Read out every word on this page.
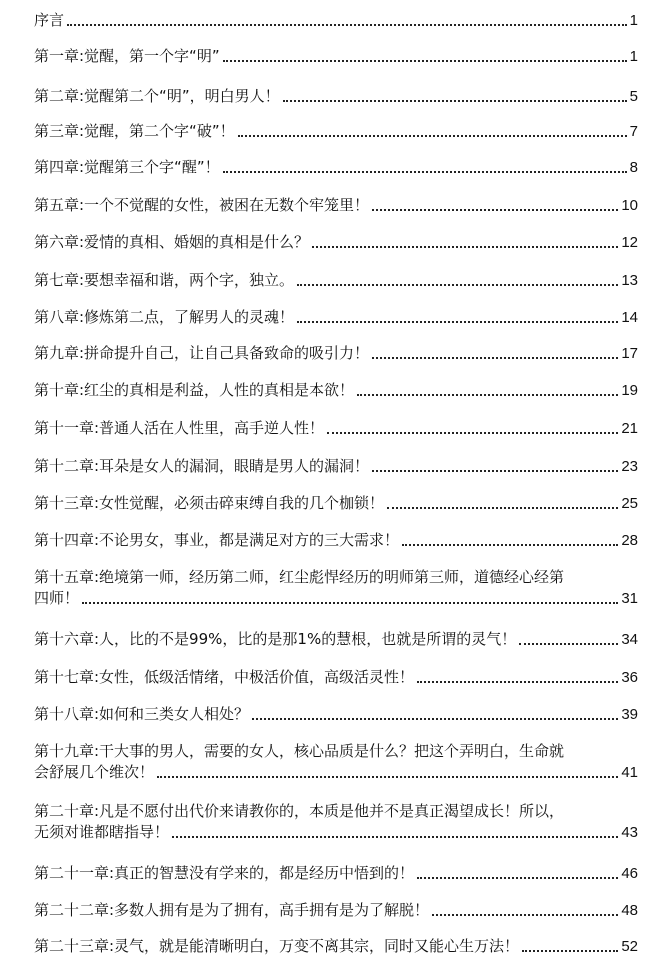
序言	1
第一章:觉醒，第一个字“明”	1
第二章:觉醒第二个“明”，明白男人！	5
第三章:觉醒，第二个字“破”！	7
第四章:觉醒第三个字“醒”！	8
第五章:一个不觉醒的女性，被困在无数个牢笼里！	10
第六章:爱情的真相、婚姻的真相是什么？	12
第七章:要想幸福和谐，两个字，独立。	13
第八章:修炼第二点，了解男人的灵魂！	14
第九章:拼命提升自己，让自己具备致命的吸引力！	17
第十章:红尘的真相是利益，人性的真相是本欲！	19
第十一章:普通人活在人性里，高手逆人性！	21
第十二章:耳朵是女人的漏洞，眼睛是男人的漏洞！	23
第十三章:女性觉醒，必须击碎束缚自我的几个枷锁！	25
第十四章:不论男女，事业，都是满足对方的三大需求！	28
第十五章:绝境第一师，经历第二师，红尘彪悍经历的明师第三师，道德经心经第
四师！	31
第十六章:人，比的不是99%，比的是那1%的慧根，也就是所谓的灵气！	34
第十七章:女性，低级活情绪，中极活价值，高级活灵性！	36
第十八章:如何和三类女人相处？	39
第十九章:干大事的男人，需要的女人，核心品质是什么？把这个弄明白，生命就
会舒展几个维次！	41
第二十章:凡是不愿付出代价来请教你的，本质是他并不是真正渴望成长！所以，
无须对谁都瞎指导！	43
第二十一章:真正的智慧没有学来的，都是经历中悟到的！	46
第二十二章:多数人拥有是为了拥有，高手拥有是为了解脱！	48
第二十三章:灵气，就是能清晰明白，万变不离其宗，同时又能心生万法！	52
